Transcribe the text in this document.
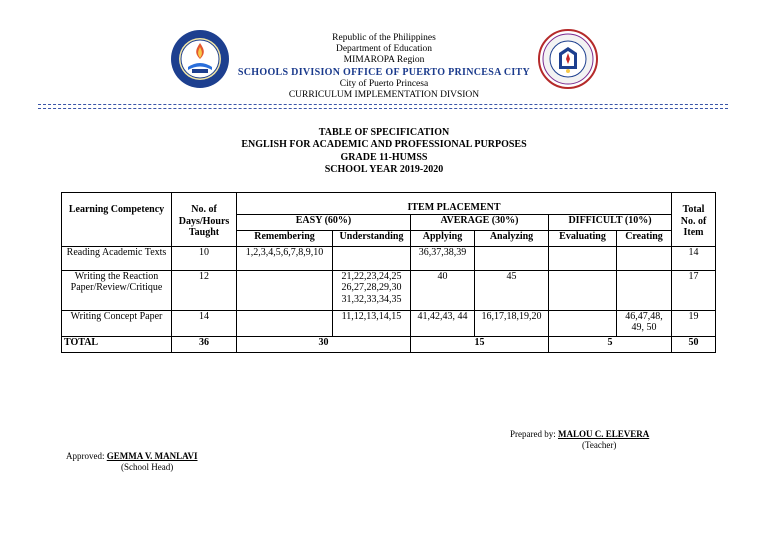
Republic of the Philippines
Department of Education
MIMAROPA Region
SCHOOLS DIVISION OFFICE OF PUERTO PRINCESA CITY
City of Puerto Princesa
CURRICULUM IMPLEMENTATION DIVSION
TABLE OF SPECIFICATION
ENGLISH FOR ACADEMIC AND PROFESSIONAL PURPOSES
GRADE 11-HUMSS
SCHOOL YEAR 2019-2020
Learning Competency	No. of Days/Hours Taught	ITEM PLACEMENT						Total No. of Item
		EASY (60%)		AVERAGE (30%)		DIFFICULT (10%)		
		Remembering	Understanding	Applying	Analyzing	Evaluating	Creating	
Reading Academic Texts	10	1,2,3,4,5,6,7,8,9,10		36,37,38,39				14
Writing the Reaction Paper/Review/Critique	12		21,22,23,24,25 26,27,28,29,30 31,32,33,34,35	40	45			17
Writing Concept Paper	14		11,12,13,14,15	41,42,43, 44	16,17,18,19,20		46,47,48, 49, 50	19
TOTAL	36	30		15		5		50
Prepared by: MALOU C. ELEVERA
(Teacher)
Approved: GEMMA V. MANLAVI
(School Head)
